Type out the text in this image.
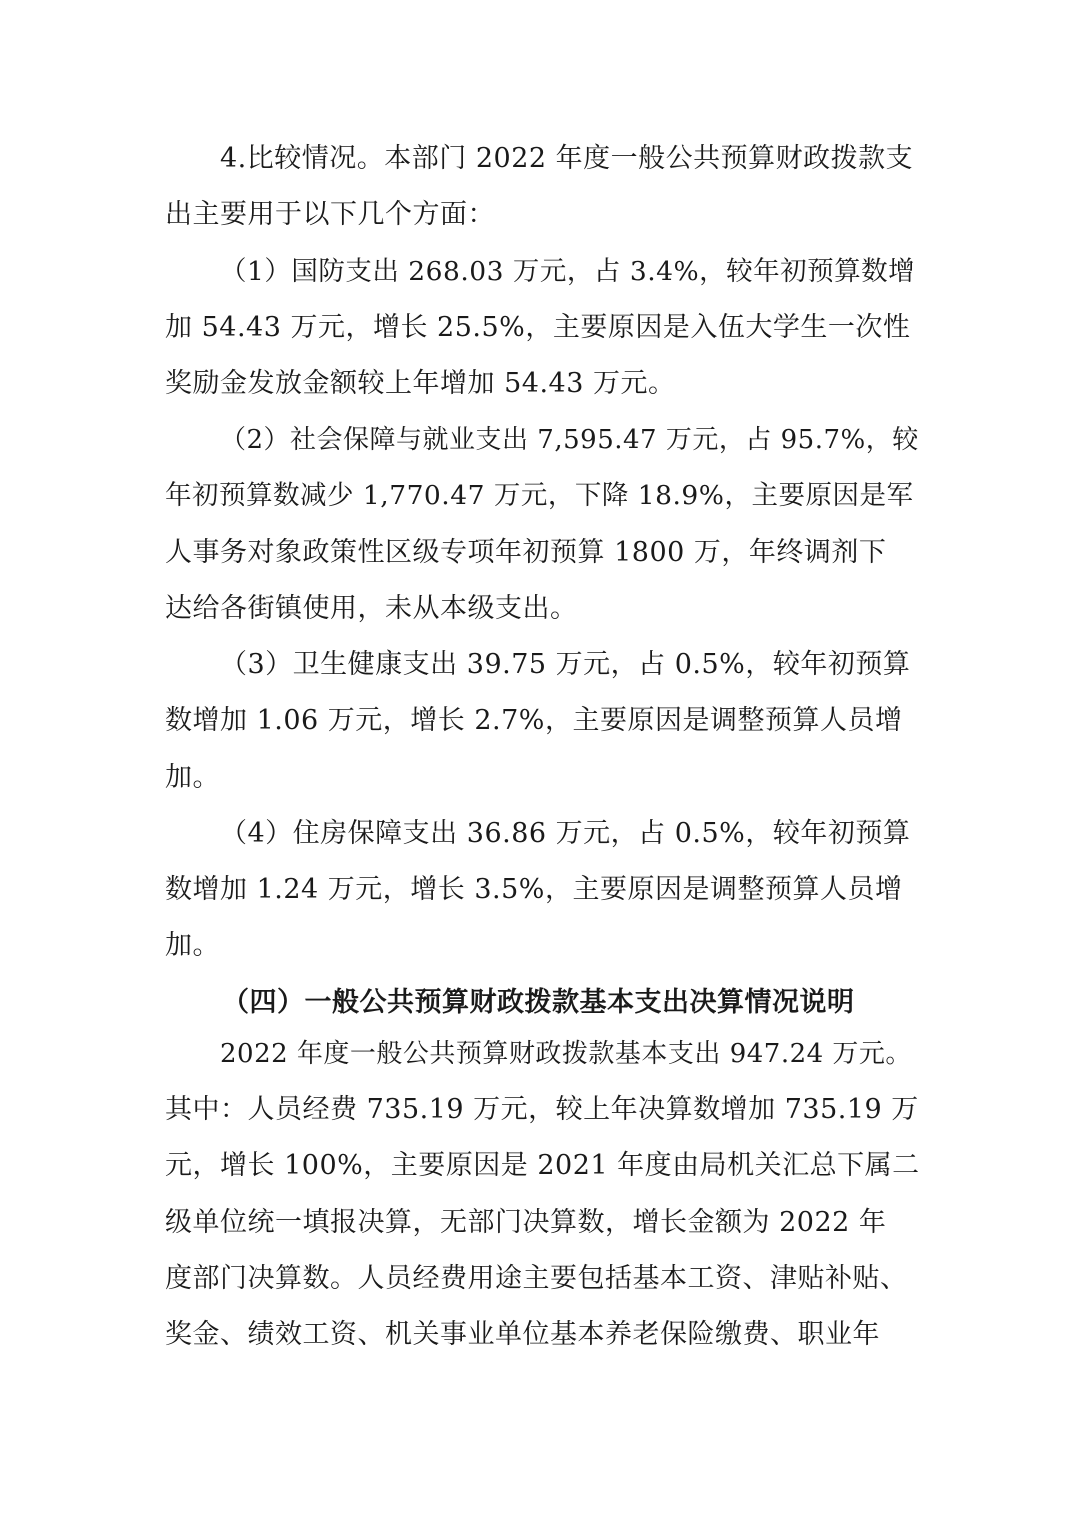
4.比较情况。本部门 2022 年度一般公共预算财政拨款支
出主要用于以下几个方面：
（1）国防支出 268.03 万元，占 3.4%，较年初预算数增
加 54.43 万元，增长 25.5%，主要原因是入伍大学生一次性
奖励金发放金额较上年增加 54.43 万元。
（2）社会保障与就业支出 7,595.47 万元，占 95.7%，较
年初预算数减少 1,770.47 万元，下降 18.9%，主要原因是军
人事务对象政策性区级专项年初预算 1800 万，年终调剂下
达给各街镇使用，未从本级支出。
（3）卫生健康支出 39.75 万元，占 0.5%，较年初预算
数增加 1.06 万元，增长 2.7%，主要原因是调整预算人员增
加。
（4）住房保障支出 36.86 万元，占 0.5%，较年初预算
数增加 1.24 万元，增长 3.5%，主要原因是调整预算人员增
加。
（四）一般公共预算财政拨款基本支出决算情况说明
2022 年度一般公共预算财政拨款基本支出 947.24 万元。
其中：人员经费 735.19 万元，较上年决算数增加 735.19 万
元，增长 100%，主要原因是 2021 年度由局机关汇总下属二
级单位统一填报决算，无部门决算数，增长金额为 2022 年
度部门决算数。人员经费用途主要包括基本工资、津贴补贴、
奖金、绩效工资、机关事业单位基本养老保险缴费、职业年
